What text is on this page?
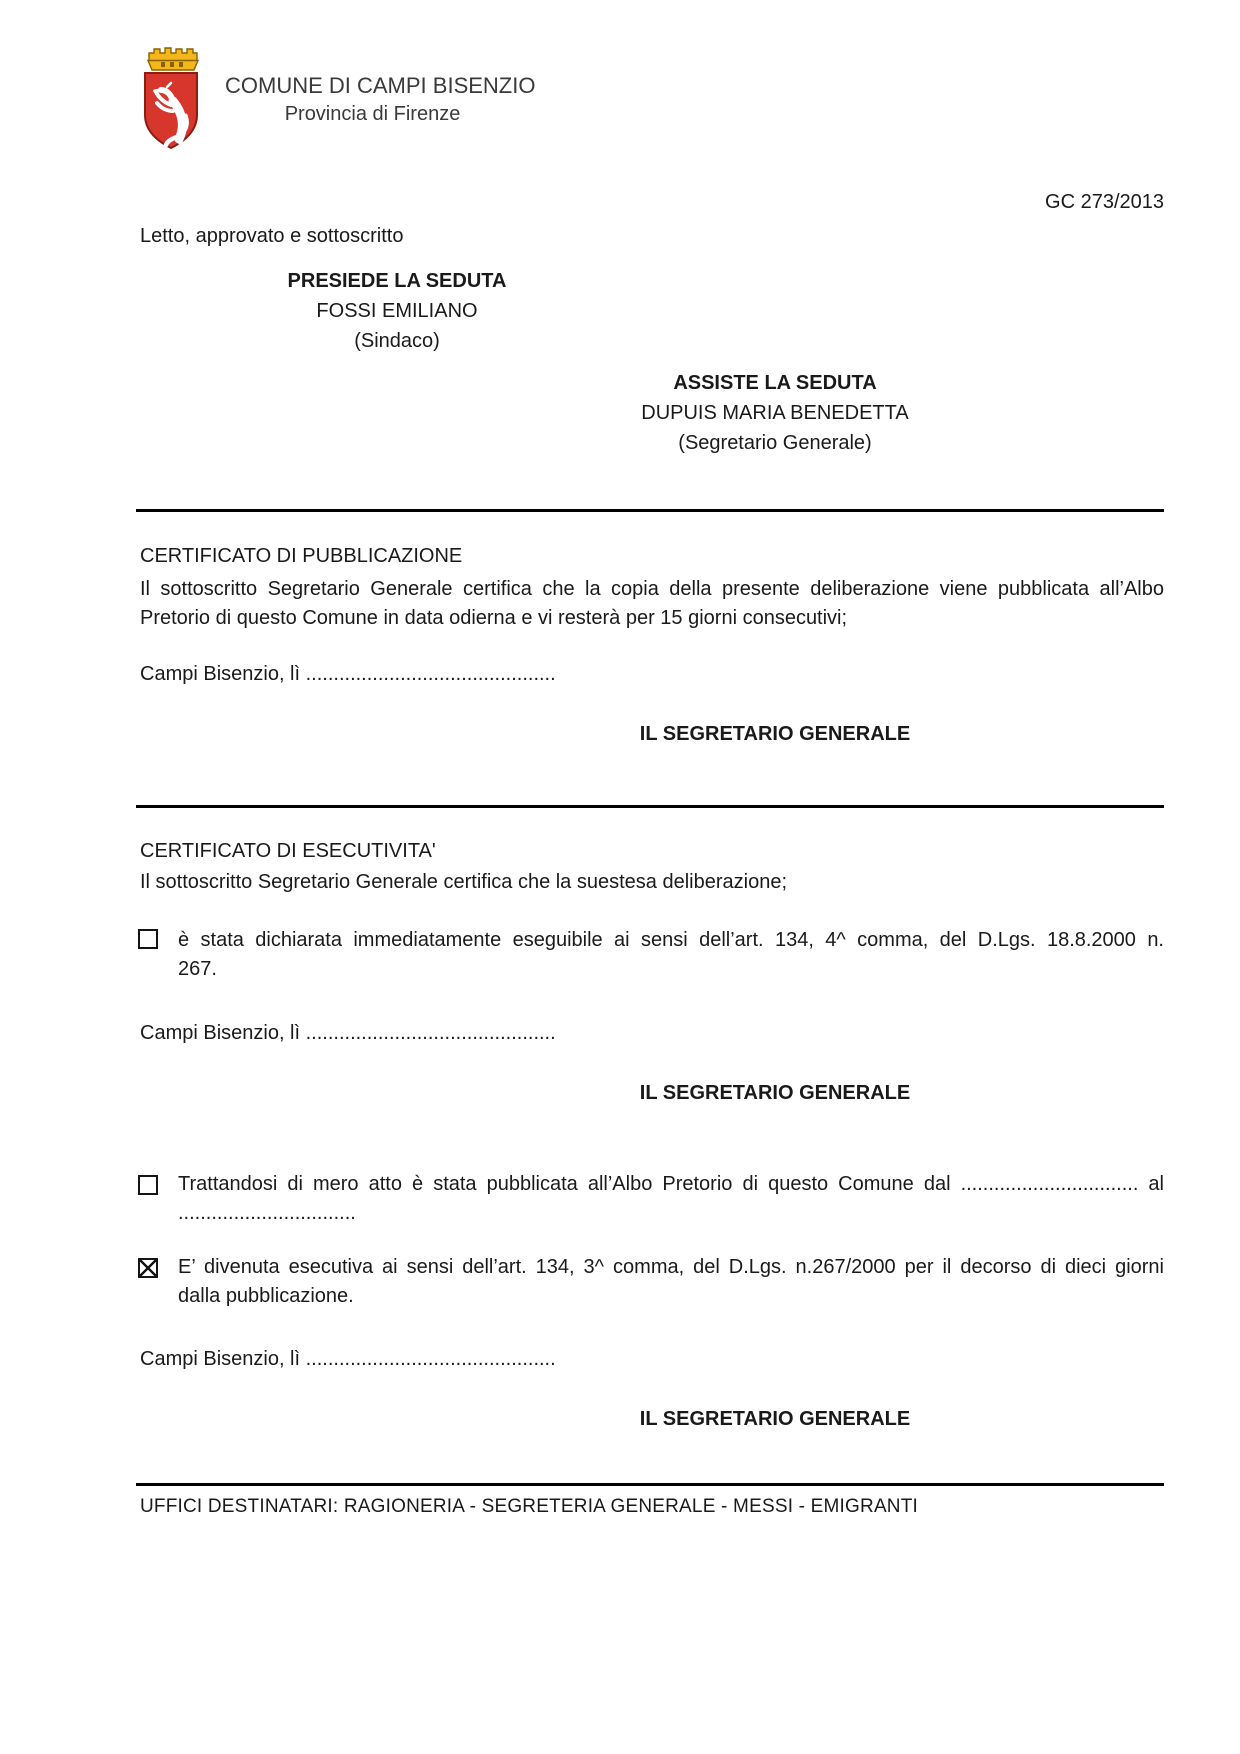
COMUNE DI CAMPI BISENZIO
Provincia di Firenze
GC 273/2013
Letto, approvato e sottoscritto
PRESIEDE LA SEDUTA
FOSSI EMILIANO
(Sindaco)
ASSISTE LA SEDUTA
DUPUIS MARIA BENEDETTA
(Segretario Generale)
CERTIFICATO DI PUBBLICAZIONE
Il sottoscritto Segretario Generale certifica che la copia della presente deliberazione viene pubblicata all’Albo
Pretorio di questo Comune in data odierna e vi resterà per 15 giorni consecutivi;
Campi Bisenzio, lì .............................................
IL SEGRETARIO GENERALE
CERTIFICATO DI ESECUTIVITA'
Il sottoscritto Segretario Generale certifica che la suestesa deliberazione;
è stata dichiarata immediatamente eseguibile ai sensi dell’art. 134, 4^ comma, del D.Lgs. 18.8.2000 n.
267.
Campi Bisenzio, lì .............................................
IL SEGRETARIO GENERALE
Trattandosi di mero atto è stata pubblicata all’Albo Pretorio di questo Comune dal ................................ al
................................
E’ divenuta esecutiva ai sensi dell’art. 134, 3^ comma, del D.Lgs. n.267/2000 per il decorso di dieci giorni
dalla pubblicazione.
Campi Bisenzio, lì .............................................
IL SEGRETARIO GENERALE
UFFICI DESTINATARI: RAGIONERIA - SEGRETERIA GENERALE - MESSI - EMIGRANTI
